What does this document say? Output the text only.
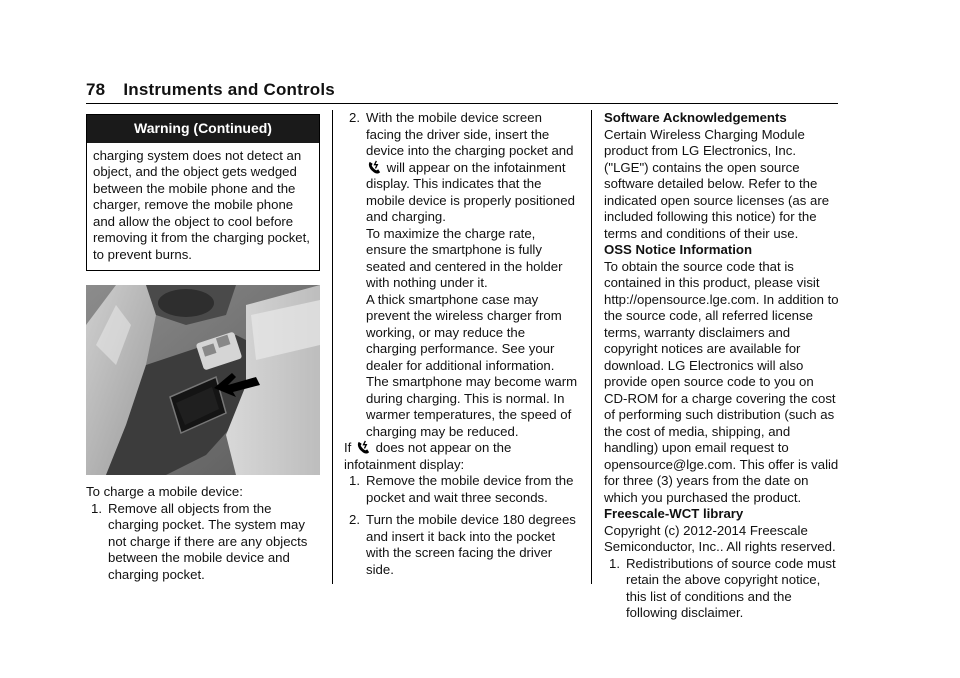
78 Instruments and Controls
Warning (Continued)
charging system does not detect an object, and the object gets wedged between the mobile phone and the charger, remove the mobile phone and allow the object to cool before removing it from the charging pocket, to prevent burns.

To charge a mobile device:

1. Remove all objects from the charging pocket. The system may not charge if there are any objects between the mobile device and charging pocket.
2. With the mobile device screen facing the driver side, insert the device into the charging pocket and  will appear on the infotainment display. This indicates that the mobile device is properly positioned and charging.

To maximize the charge rate, ensure the smartphone is fully seated and centered in the holder with nothing under it.

A thick smartphone case may prevent the wireless charger from working, or may reduce the charging performance. See your dealer for additional information.

The smartphone may become warm during charging. This is normal. In warmer temperatures, the speed of charging may be reduced.

If does not appear on the infotainment display:

1. Remove the mobile device from the pocket and wait three seconds.
2. Turn the mobile device 180 degrees and insert it back into the pocket with the screen facing the driver side.

Software Acknowledgements

Certain Wireless Charging Module product from LG Electronics, Inc. ("LGE") contains the open source software detailed below. Refer to the indicated open source licenses (as are included following this notice) for the terms and conditions of their use.

OSS Notice Information

To obtain the source code that is contained in this product, please visit http://opensource.lge.com. In addition to the source code, all referred license terms, warranty disclaimers and copyright notices are available for download. LG Electronics will also provide open source code to you on CD-ROM for a charge covering the cost of performing such distribution (such as the cost of media, shipping, and handling) upon email request to opensource@lge.com. This offer is valid for three (3) years from the date on which you purchased the product.

Freescale-WCT library

Copyright (c) 2012-2014 Freescale Semiconductor, Inc.. All rights reserved.

1. Redistributions of source code must retain the above copyright notice, this list of conditions and the following disclaimer.
